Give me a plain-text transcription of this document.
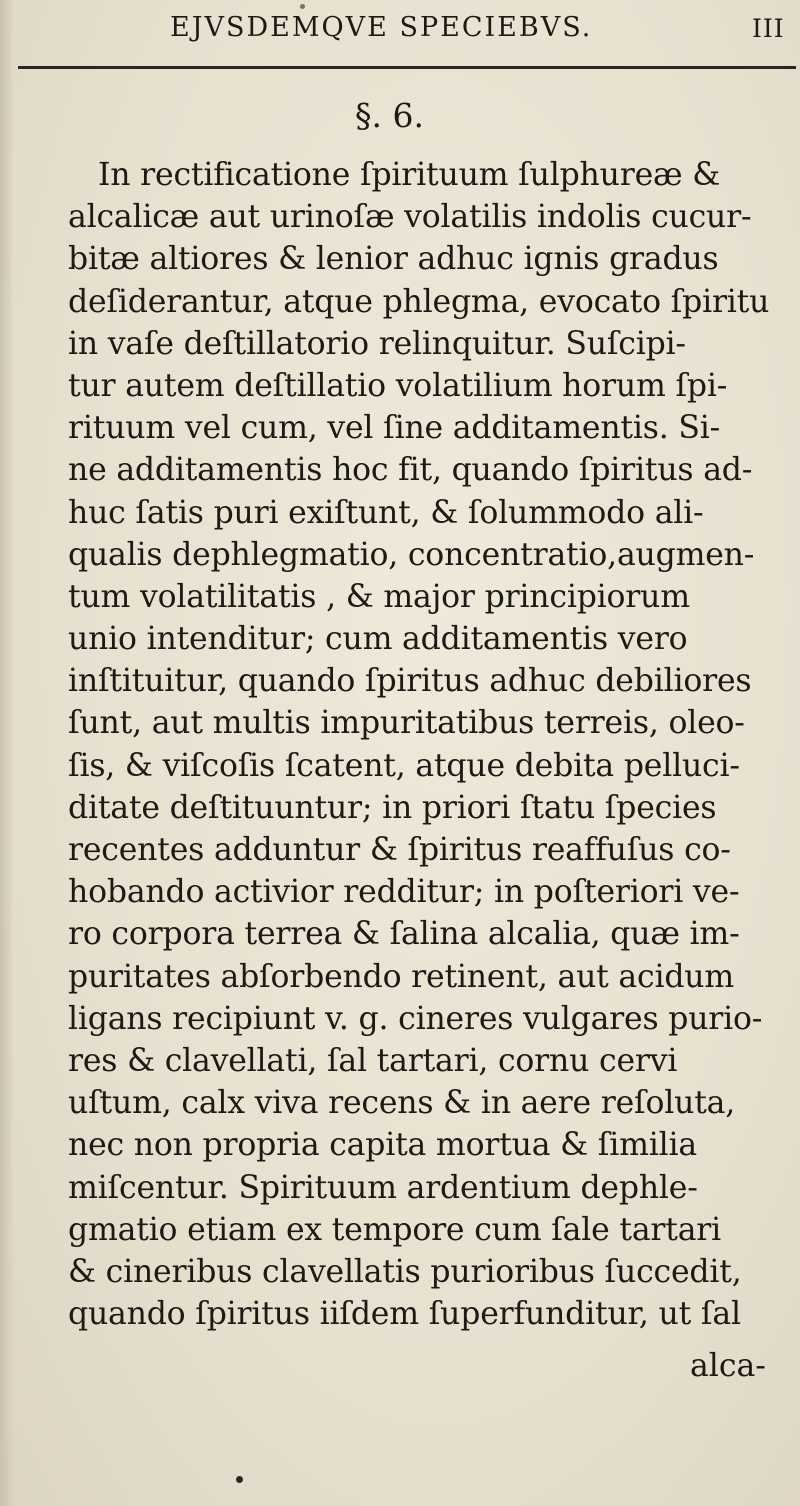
EJVSDEMQVE SPECIEBVS.	III
§. 6.
In rectificatione ſpirituum ſulphureæ &
alcalicæ aut urinoſæ volatilis indolis cucur-
bitæ altiores & lenior adhuc ignis gradus
deſiderantur, atque phlegma, evocato ſpiritu
in vaſe deſtillatorio relinquitur. Suſcipi-
tur autem deſtillatio volatilium horum ſpi-
rituum vel cum, vel ſine additamentis. Si-
ne additamentis hoc fit, quando ſpiritus ad-
huc ſatis puri exiſtunt, & ſolummodo ali-
qualis dephlegmatio, concentratio,augmen-
tum volatilitatis , & major principiorum
unio intenditur; cum additamentis vero
inſtituitur, quando ſpiritus adhuc debiliores
ſunt, aut multis impuritatibus terreis, oleo-
ſis, & viſcoſis ſcatent, atque debita pelluci-
ditate deſtituuntur; in priori ſtatu ſpecies
recentes adduntur & ſpiritus reaffuſus co-
hobando activior redditur; in poſteriori ve-
ro corpora terrea & ſalina alcalia, quæ im-
puritates abſorbendo retinent, aut acidum
ligans recipiunt v. g. cineres vulgares purio-
res & clavellati, ſal tartari, cornu cervi
uſtum, calx viva recens & in aere reſoluta,
nec non propria capita mortua & ſimilia
miſcentur. Spirituum ardentium dephle-
gmatio etiam ex tempore cum ſale tartari
& cineribus clavellatis purioribus ſuccedit,
quando ſpiritus iiſdem ſuperfunditur, ut ſal
alca-
